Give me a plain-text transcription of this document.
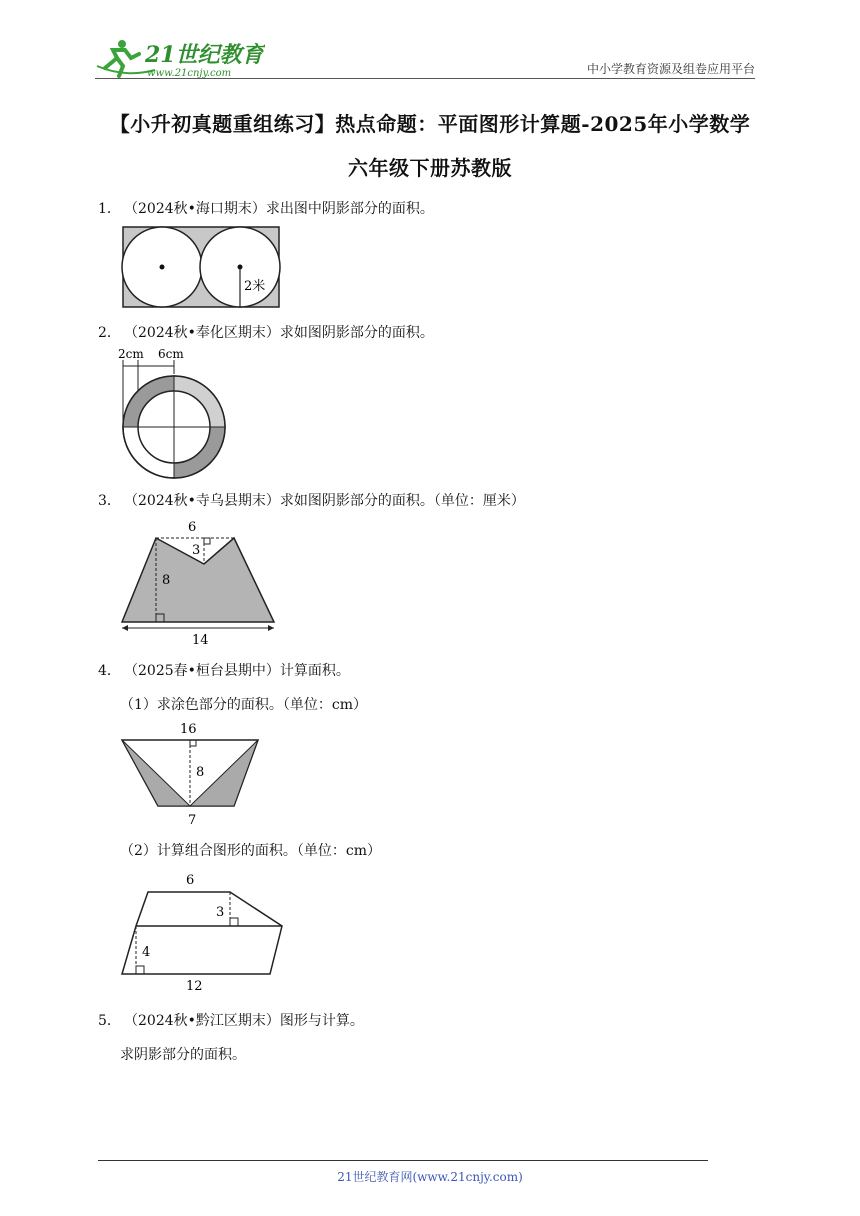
21世纪教育
www.21cnjy.com	中小学教育资源及组卷应用平台
【小升初真题重组练习】热点命题：平面图形计算题-2025年小学数学
六年级下册苏教版
1． （2024秋•海口期末）求出图中阴影部分的面积。
2米
2． （2024秋•奉化区期末）求如图阴影部分的面积。
2cm 6cm
3． （2024秋•寺乌县期末）求如图阴影部分的面积。（单位：厘米）
6
3
8
14
4． （2025春•桓台县期中）计算面积。
（1）求涂色部分的面积。（单位：cm）
16
8
7
（2）计算组合图形的面积。（单位：cm）
6
3
4
12
5． （2024秋•黔江区期末）图形与计算。
求阴影部分的面积。
21世纪教育网(www.21cnjy.com)
